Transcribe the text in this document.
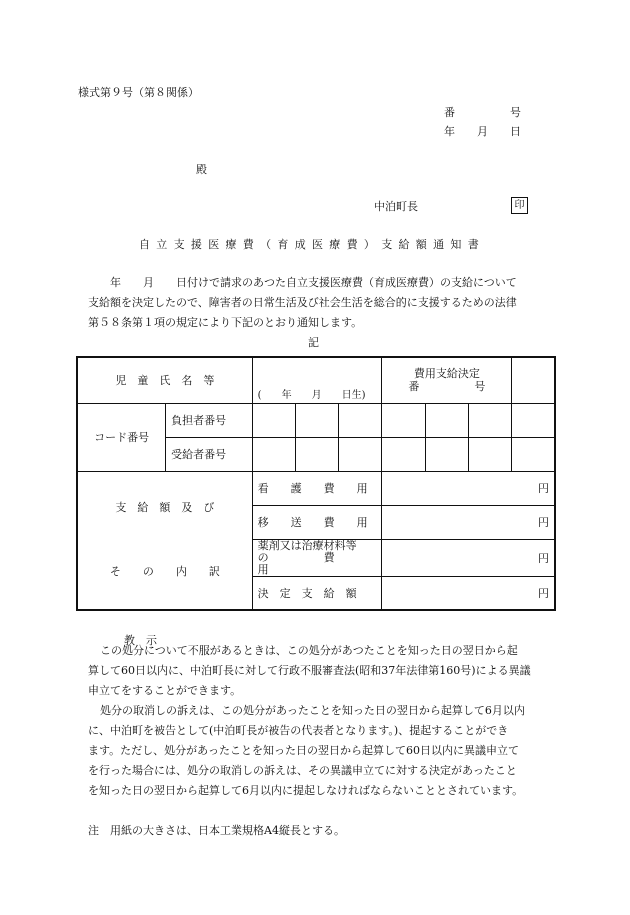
様式第９号（第８関係）
番　　　　　号
年　　月　　日
殿
中泊町長	印
自立支援医療費（育成医療費）支給額通知書
　　年　　月　　日付けで請求のあつた自立支援医療費（育成医療費）の支給について
支給額を決定したので、障害者の日常生活及び社会生活を総合的に支援するための法律
第５８条第１項の規定により下記のとおり通知します。
記
児　童　氏　名　等		(　　年　　月　　日生)			費用支給決定
番　　　　　号			

コード番号	負担者番号							
	受給者番号							

支　給　額　及　び
そ　　の　　内　　訳		看　　護　　費　　用			円			
		移　　送　　費　　用			円			

		薬剤又は治療材料等
の　　　　　費　　　用			円			
		決　定　支　給　額			円			
教　示
この処分について不服があるときは、この処分があつたことを知った日の翌日から起
算して60日以内に、中泊町長に対して行政不服審査法(昭和37年法律第160号)による異議
申立てをすることができます。
処分の取消しの訴えは、この処分があったことを知った日の翌日から起算して6月以内
に、中泊町を被告として(中泊町長が被告の代表者となります。)、提起することができ
ます。ただし、処分があったことを知った日の翌日から起算して60日以内に異議申立て
を行った場合には、処分の取消しの訴えは、その異議申立てに対する決定があったこと
を知った日の翌日から起算して6月以内に提起しなければならないこととされています。
注　用紙の大きさは、日本工業規格A4縦長とする。
